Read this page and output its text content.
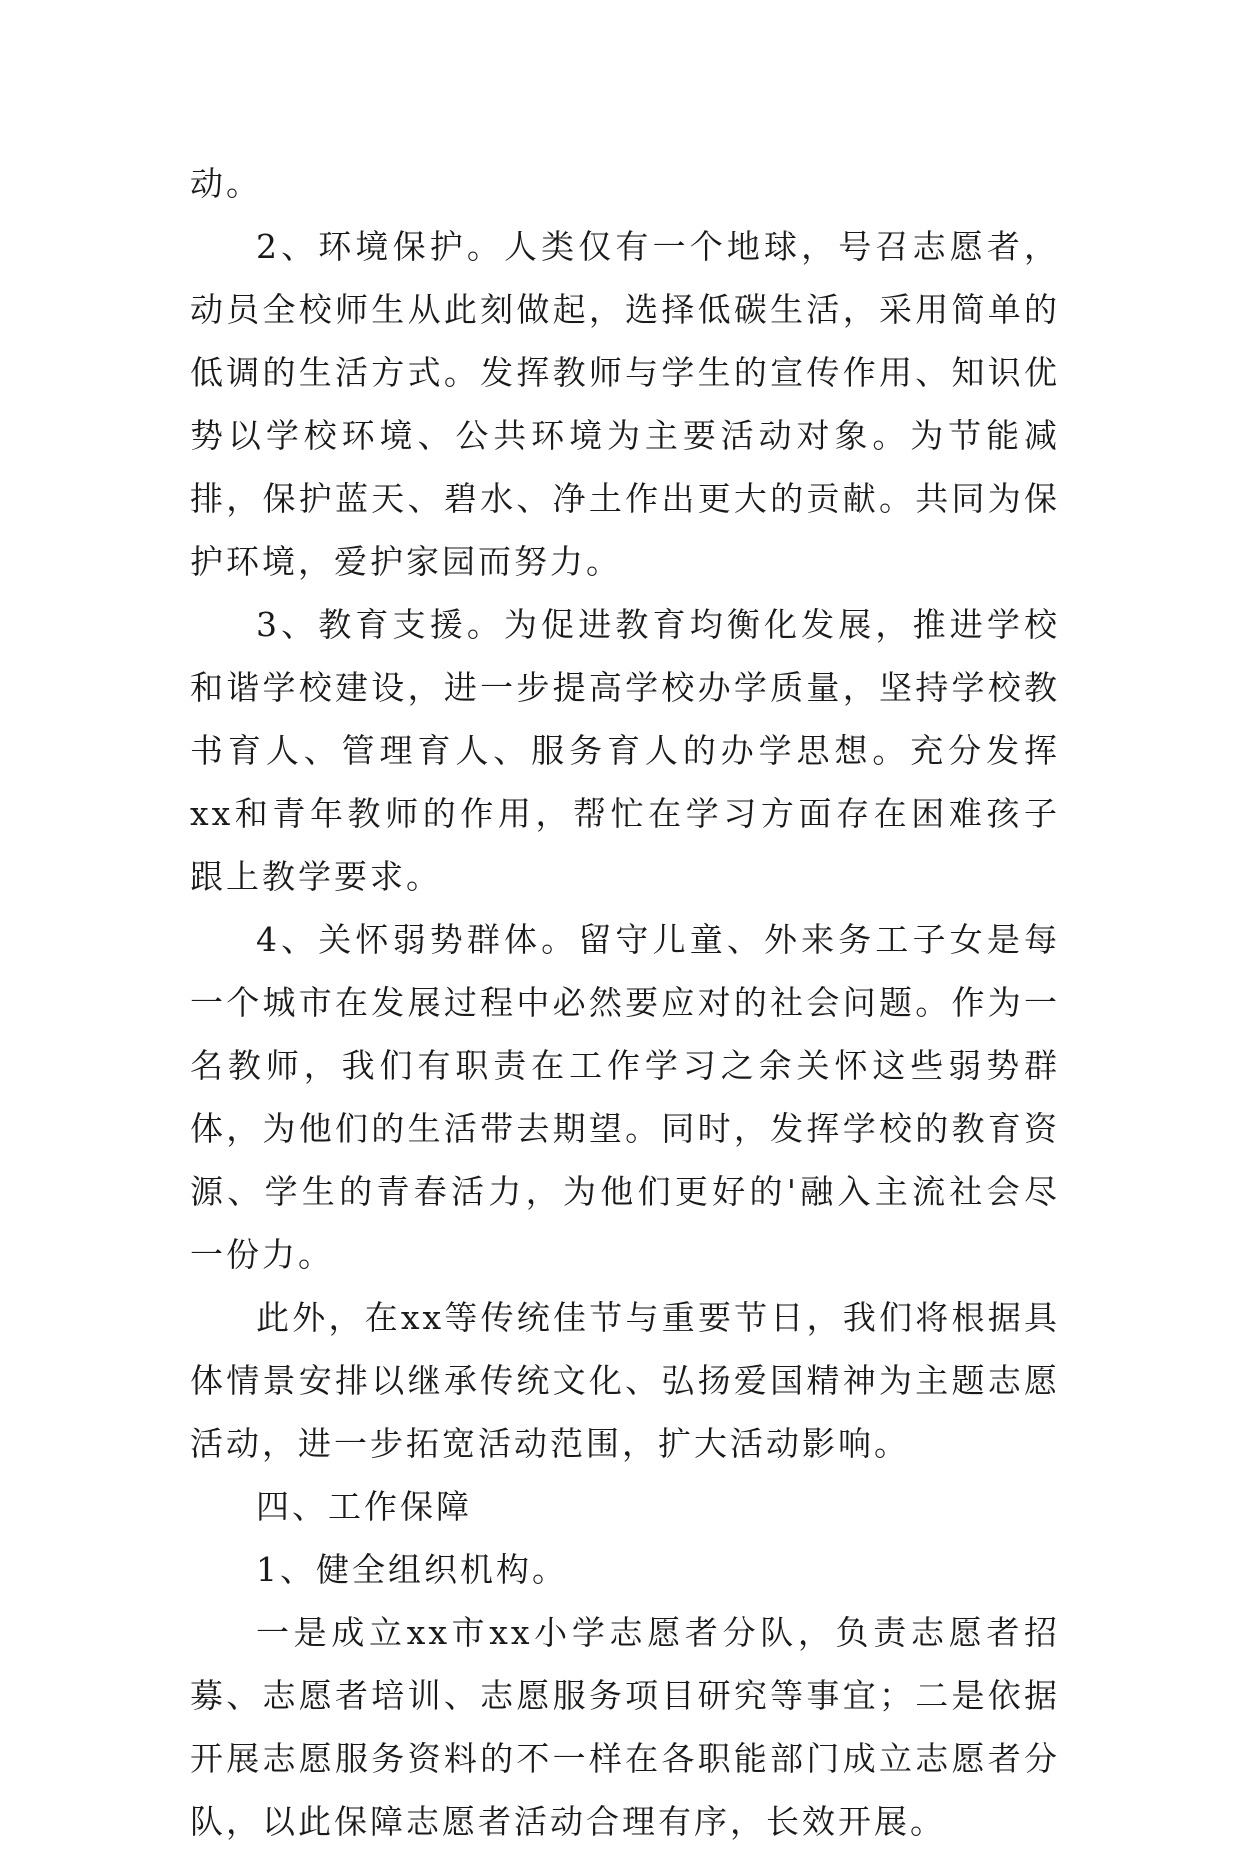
动。

2、环境保护。人类仅有一个地球，号召志愿者，动员全校师生从此刻做起，选择低碳生活，采用简单的低调的生活方式。发挥教师与学生的宣传作用、知识优势以学校环境、公共环境为主要活动对象。为节能减排，保护蓝天、碧水、净土作出更大的贡献。共同为保护环境，爱护家园而努力。

3、教育支援。为促进教育均衡化发展，推进学校和谐学校建设，进一步提高学校办学质量，坚持学校教书育人、管理育人、服务育人的办学思想。充分发挥xx和青年教师的作用，帮忙在学习方面存在困难孩子跟上教学要求。

4、关怀弱势群体。留守儿童、外来务工子女是每一个城市在发展过程中必然要应对的社会问题。作为一名教师，我们有职责在工作学习之余关怀这些弱势群体，为他们的生活带去期望。同时，发挥学校的教育资源、学生的青春活力，为他们更好的'融入主流社会尽一份力。

此外，在xx等传统佳节与重要节日，我们将根据具体情景安排以继承传统文化、弘扬爱国精神为主题志愿活动，进一步拓宽活动范围，扩大活动影响。

四、工作保障

1、健全组织机构。

一是成立xx市xx小学志愿者分队，负责志愿者招募、志愿者培训、志愿服务项目研究等事宜；二是依据开展志愿服务资料的不一样在各职能部门成立志愿者分队，以此保障志愿者活动合理有序，长效开展。
